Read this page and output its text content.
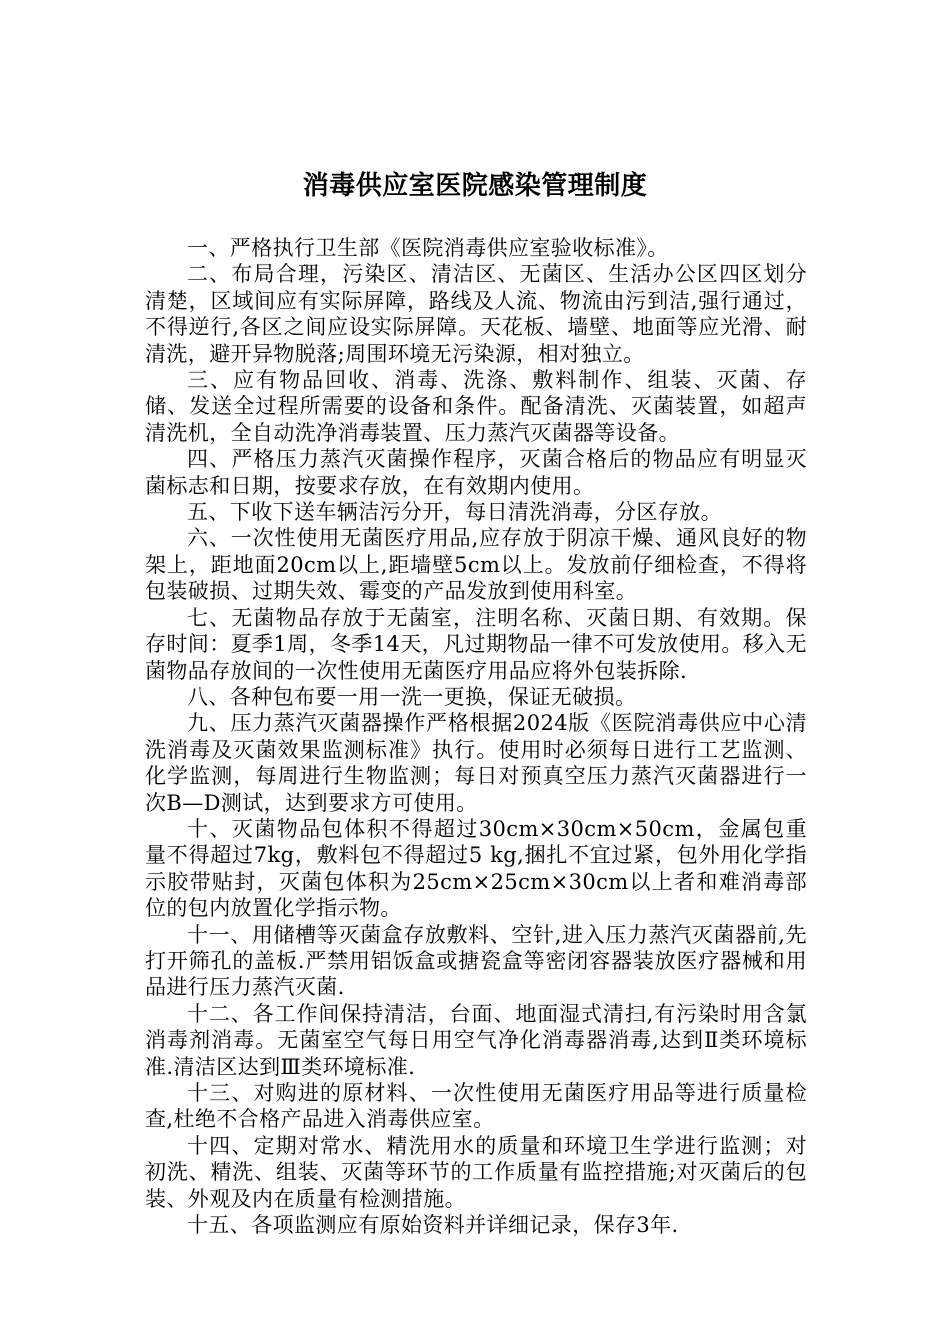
消毒供应室医院感染管理制度

一、严格执行卫生部《医院消毒供应室验收标准》。

二、布局合理，污染区、清洁区、无菌区、生活办公区四区划分清楚，区域间应有实际屏障，路线及人流、物流由污到洁,强行通过，不得逆行,各区之间应设实际屏障。天花板、墙壁、地面等应光滑、耐清洗，避开异物脱落;周围环境无污染源，相对独立。

三、应有物品回收、消毒、洗涤、敷料制作、组装、灭菌、存储、发送全过程所需要的设备和条件。配备清洗、灭菌装置，如超声清洗机，全自动洗净消毒装置、压力蒸汽灭菌器等设备。

四、严格压力蒸汽灭菌操作程序，灭菌合格后的物品应有明显灭菌标志和日期，按要求存放，在有效期内使用。

五、下收下送车辆洁污分开，每日清洗消毒，分区存放。

六、一次性使用无菌医疗用品,应存放于阴凉干燥、通风良好的物架上，距地面20cm以上,距墙壁5cm以上。发放前仔细检查，不得将包装破损、过期失效、霉变的产品发放到使用科室。

七、无菌物品存放于无菌室，注明名称、灭菌日期、有效期。保存时间：夏季1周，冬季14天，凡过期物品一律不可发放使用。移入无菌物品存放间的一次性使用无菌医疗用品应将外包装拆除.

八、各种包布要一用一洗一更换，保证无破损。

九、压力蒸汽灭菌器操作严格根据2024版《医院消毒供应中心清洗消毒及灭菌效果监测标准》执行。使用时必须每日进行工艺监测、化学监测，每周进行生物监测；每日对预真空压力蒸汽灭菌器进行一次B—D测试，达到要求方可使用。

十、灭菌物品包体积不得超过30cm×30cm×50cm，金属包重量不得超过7kg，敷料包不得超过5 kg,捆扎不宜过紧，包外用化学指示胶带贴封，灭菌包体积为25cm×25cm×30cm以上者和难消毒部位的包内放置化学指示物。

十一、用储槽等灭菌盒存放敷料、空针,进入压力蒸汽灭菌器前,先打开筛孔的盖板.严禁用铝饭盒或搪瓷盒等密闭容器装放医疗器械和用品进行压力蒸汽灭菌.

十二、各工作间保持清洁，台面、地面湿式清扫,有污染时用含氯消毒剂消毒。无菌室空气每日用空气净化消毒器消毒,达到Ⅱ类环境标准.清洁区达到Ⅲ类环境标准.

十三、对购进的原材料、一次性使用无菌医疗用品等进行质量检查,杜绝不合格产品进入消毒供应室。

十四、定期对常水、精洗用水的质量和环境卫生学进行监测；对初洗、精洗、组装、灭菌等环节的工作质量有监控措施;对灭菌后的包装、外观及内在质量有检测措施。

十五、各项监测应有原始资料并详细记录，保存3年.
